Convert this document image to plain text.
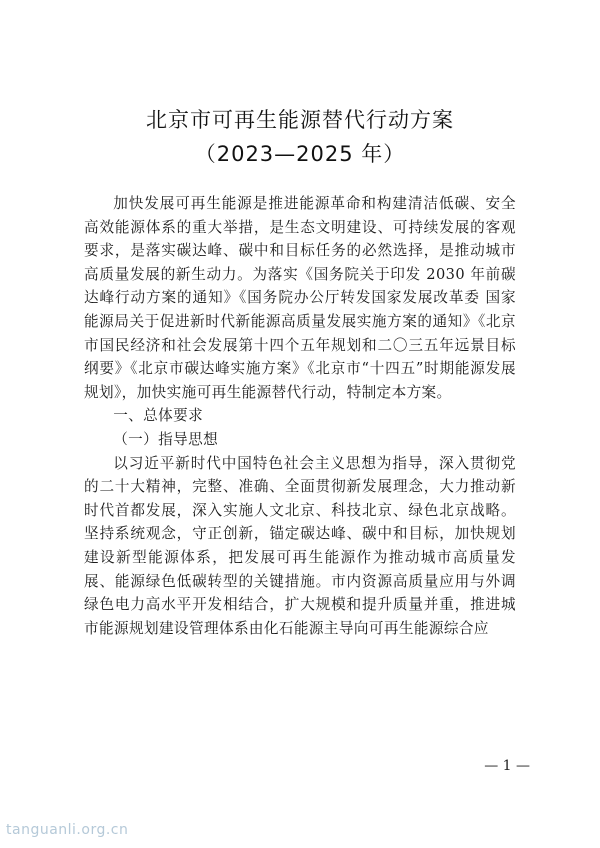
北京市可再生能源替代行动方案
（2023—2025 年）

加快发展可再生能源是推进能源革命和构建清洁低碳、安全高效能源体系的重大举措，是生态文明建设、可持续发展的客观要求，是落实碳达峰、碳中和目标任务的必然选择，是推动城市高质量发展的新生动力。为落实《国务院关于印发 2030 年前碳达峰行动方案的通知》《国务院办公厅转发国家发展改革委 国家能源局关于促进新时代新能源高质量发展实施方案的通知》《北京市国民经济和社会发展第十四个五年规划和二〇三五年远景目标纲要》《北京市碳达峰实施方案》《北京市“十四五”时期能源发展规划》，加快实施可再生能源替代行动，特制定本方案。

一、总体要求

（一）指导思想

以习近平新时代中国特色社会主义思想为指导，深入贯彻党的二十大精神，完整、准确、全面贯彻新发展理念，大力推动新时代首都发展，深入实施人文北京、科技北京、绿色北京战略。坚持系统观念，守正创新，锚定碳达峰、碳中和目标，加快规划建设新型能源体系，把发展可再生能源作为推动城市高质量发展、能源绿色低碳转型的关键措施。市内资源高质量应用与外调绿色电力高水平开发相结合，扩大规模和提升质量并重，推进城市能源规划建设管理体系由化石能源主导向可再生能源综合应

— 1 —
tanguanli.org.cn
